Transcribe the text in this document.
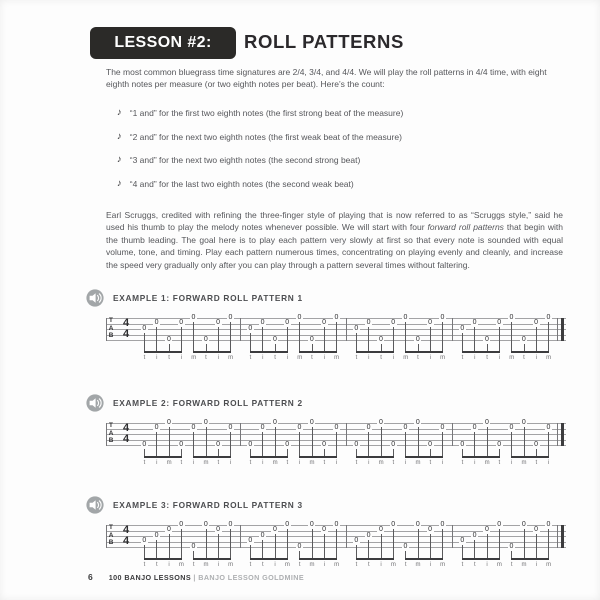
LESSON #2: ROLL PATTERNS

The most common bluegrass time signatures are 2/4, 3/4, and 4/4. We will play the roll patterns in 4/4 time, with eight eighth notes per measure (or two eighth notes per beat). Here’s the count:

♪ “1 and” for the first two eighth notes (the first strong beat of the measure)
♪ “2 and” for the next two eighth notes (the first weak beat of the measure)
♪ “3 and” for the next two eighth notes (the second strong beat)
♪ “4 and” for the last two eighth notes (the second weak beat)

Earl Scruggs, credited with refining the three-finger style of playing that is now referred to as “Scruggs style,” said he used his thumb to play the melody notes whenever possible. We will start with four forward roll patterns that begin with the thumb leading. The goal here is to play each pattern very slowly at first so that every note is sounded with equal volume, tone, and timing. Play each pattern numerous times, concentrating on playing evenly and cleanly, and increase the speed very gradually only after you can play through a pattern several times without faltering.

EXAMPLE 1: FORWARD ROLL PATTERN 1
T
A
B
4
4 0
t
0
i
0
t
0
i
0
m
0
t
0
i
0
m
0
t
0
i
0
t
0
i
0
m
0
t
0
i
0
m
0
t
0
i
0
t
0
i
0
m
0
t
0
i
0
m
0
t
0
i
0
t
0
i
0
m
0
t
0
i
0
m
EXAMPLE 2: FORWARD ROLL PATTERN 2
T
A
B
4
4 0
t
0
i
0
m
0
t
0
i
0
m
0
t
0
i
0
t
0
i
0
m
0
t
0
i
0
m
0
t
0
i
0
t
0
i
0
m
0
t
0
i
0
m
0
t
0
i
0
t
0
i
0
m
0
t
0
i
0
m
0
t
0
i
EXAMPLE 3: FORWARD ROLL PATTERN 3
T
A
B
4
4 0
t
0
t
0
i
0
m
0
t
0
m
0
i
0
m
0
t
0
t
0
i
0
m
0
t
0
m
0
i
0
m
0
t
0
t
0
i
0
m
0
t
0
m
0
i
0
m
0
t
0
t
0
i
0
m
0
t
0
m
0
i
0
m
6 100 BANJO LESSONS | BANJO LESSON GOLDMINE
